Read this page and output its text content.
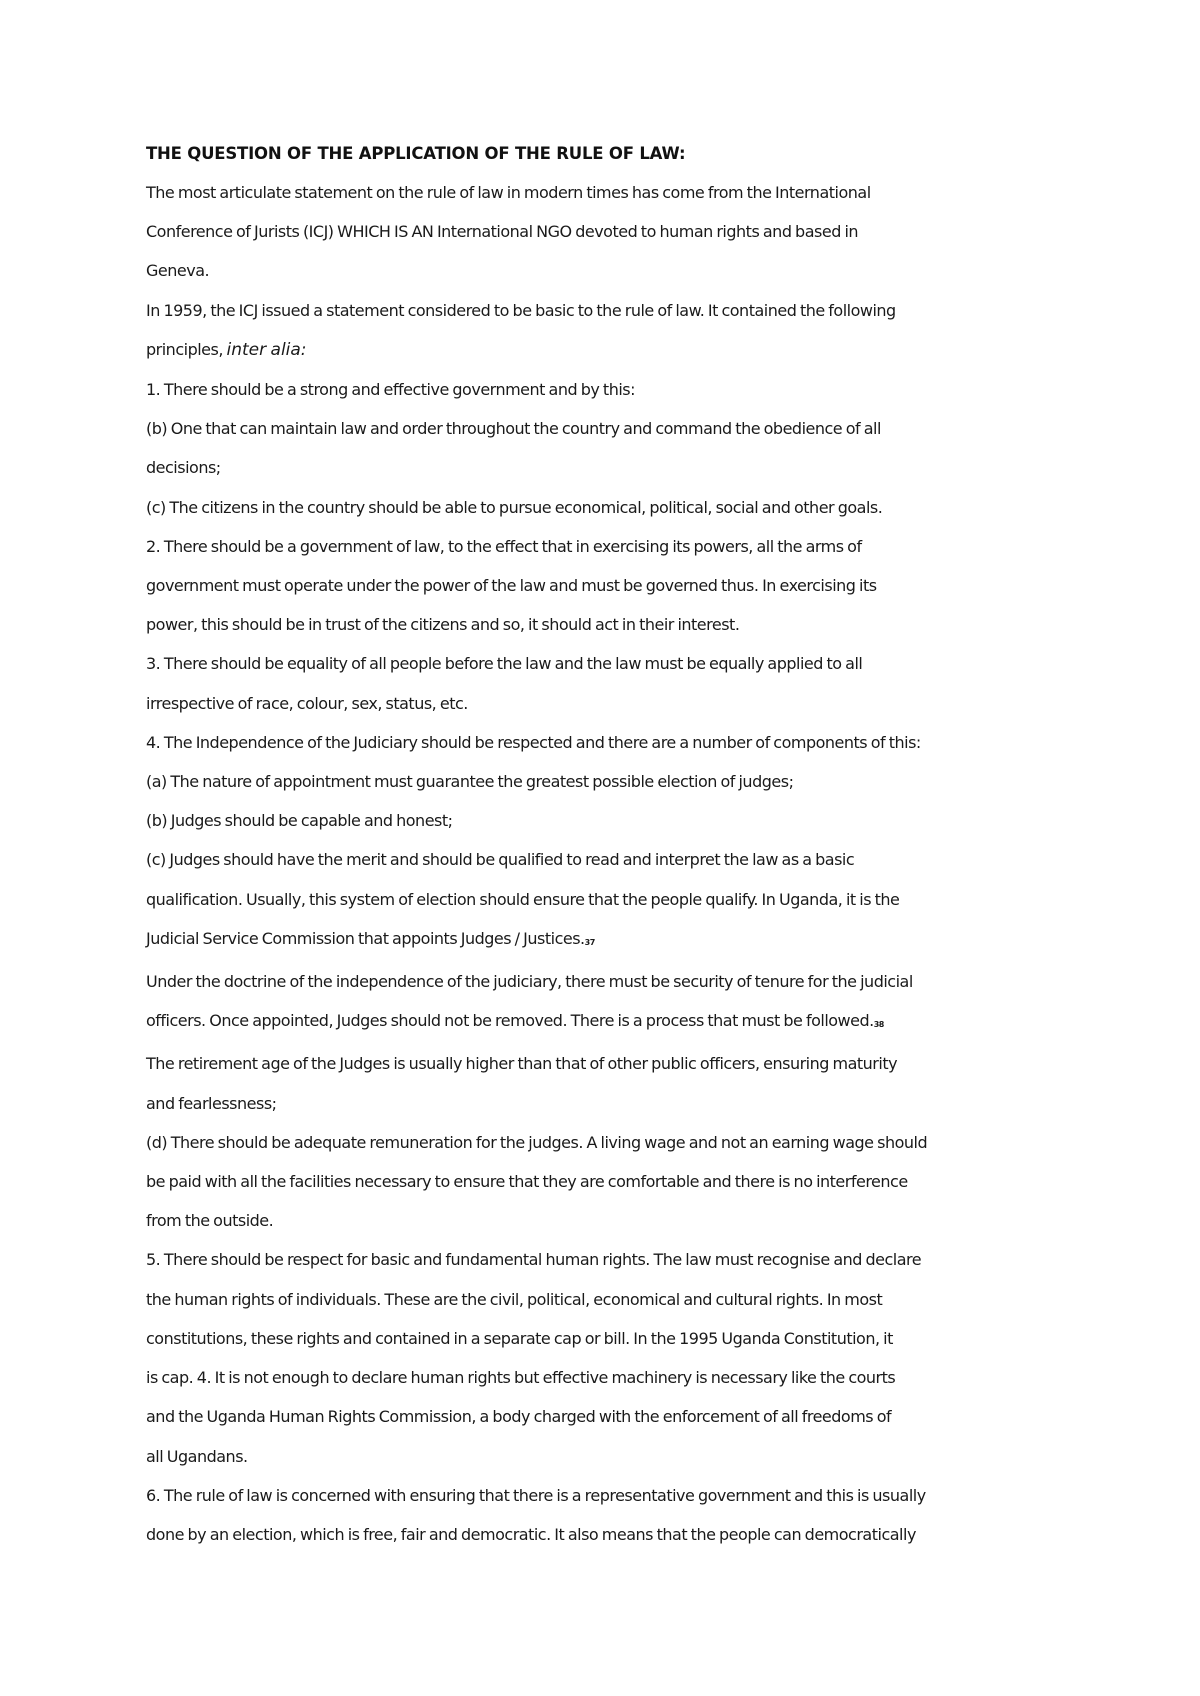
THE QUESTION OF THE APPLICATION OF THE RULE OF LAW:
The most articulate statement on the rule of law in modern times has come from the International
Conference of Jurists (ICJ) WHICH IS AN International NGO devoted to human rights and based in
Geneva.
In 1959, the ICJ issued a statement considered to be basic to the rule of law. It contained the following
principles, inter alia:
1. There should be a strong and effective government and by this:
(b) One that can maintain law and order throughout the country and command the obedience of all
decisions;
(c) The citizens in the country should be able to pursue economical, political, social and other goals.
2. There should be a government of law, to the effect that in exercising its powers, all the arms of
government must operate under the power of the law and must be governed thus. In exercising its
power, this should be in trust of the citizens and so, it should act in their interest.
3. There should be equality of all people before the law and the law must be equally applied to all
irrespective of race, colour, sex, status, etc.
4. The Independence of the Judiciary should be respected and there are a number of components of this:
(a) The nature of appointment must guarantee the greatest possible election of judges;
(b) Judges should be capable and honest;
(c) Judges should have the merit and should be qualified to read and interpret the law as a basic
qualification. Usually, this system of election should ensure that the people qualify. In Uganda, it is the
Judicial Service Commission that appoints Judges / Justices.$^{37}$
Under the doctrine of the independence of the judiciary, there must be security of tenure for the judicial
officers. Once appointed, Judges should not be removed. There is a process that must be followed.$^{38}$
The retirement age of the Judges is usually higher than that of other public officers, ensuring maturity
and fearlessness;
(d) There should be adequate remuneration for the judges. A living wage and not an earning wage should
be paid with all the facilities necessary to ensure that they are comfortable and there is no interference
from the outside.
5. There should be respect for basic and fundamental human rights. The law must recognise and declare
the human rights of individuals. These are the civil, political, economical and cultural rights. In most
constitutions, these rights and contained in a separate cap or bill. In the 1995 Uganda Constitution, it
is cap. 4. It is not enough to declare human rights but effective machinery is necessary like the courts
and the Uganda Human Rights Commission, a body charged with the enforcement of all freedoms of
all Ugandans.
6. The rule of law is concerned with ensuring that there is a representative government and this is usually
done by an election, which is free, fair and democratic. It also means that the people can democratically
